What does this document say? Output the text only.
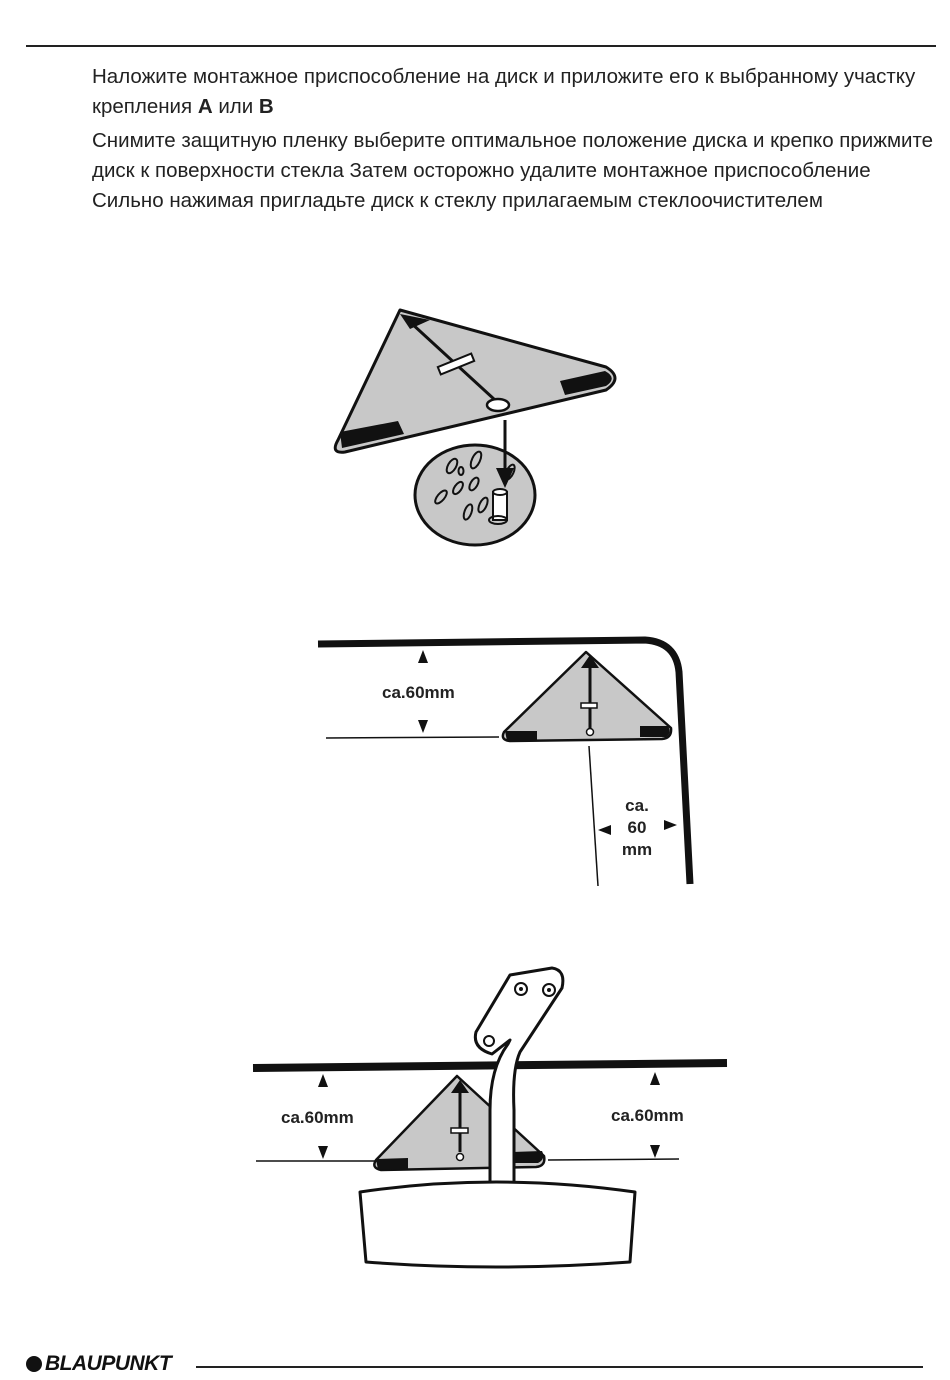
Наложите монтажное приспособление на диск и приложите его к выбранному участку крепления A или B

Снимите защитную пленку выберите оптимальное положение диска и крепко прижмите диск к поверхности стекла Затем осторожно удалите монтажное приспособление Сильно нажимая пригладьте диск к стеклу прилагаемым стеклоочистителем

ca.60mm
ca.
60
mm
ca.60mm	ca.60mm
BLAUPUNKT
